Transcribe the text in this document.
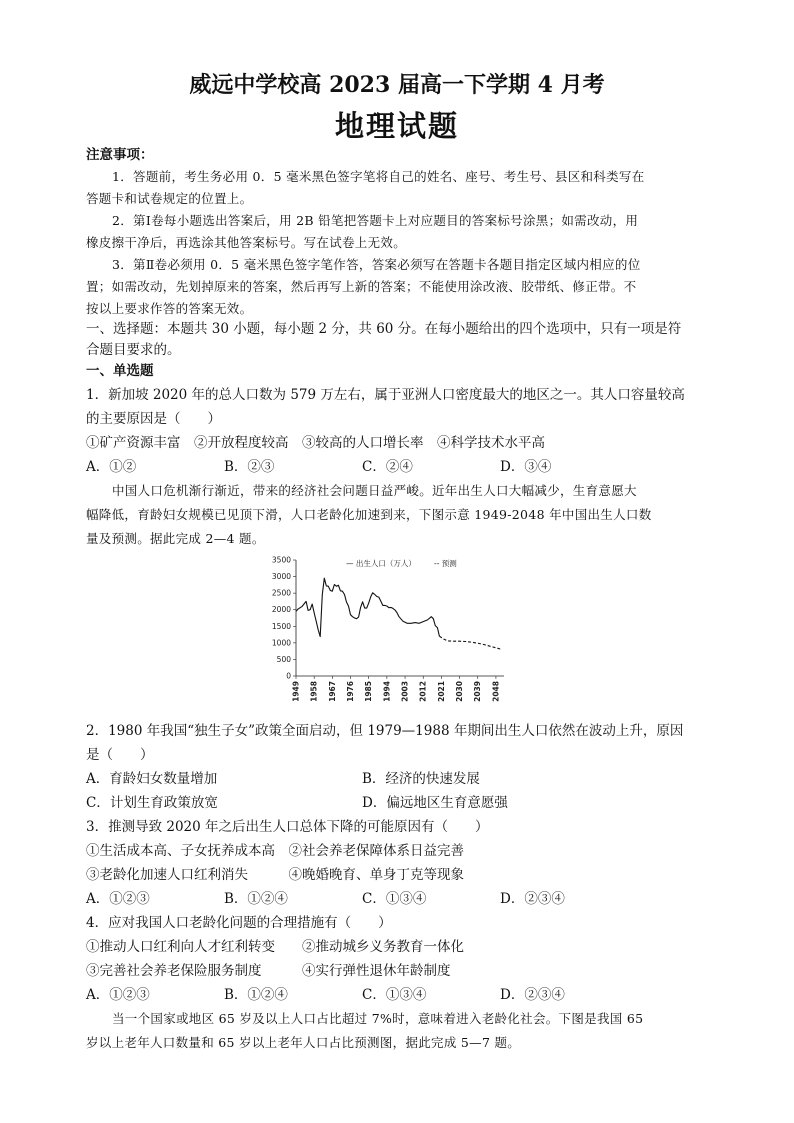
威远中学校高 2023 届高一下学期 4 月考
地理试题
注意事项：
1．答题前，考生务必用 0．5 毫米黑色签字笔将自己的姓名、座号、考生号、县区和科类写在
答题卡和试卷规定的位置上。
2．第Ⅰ卷每小题选出答案后，用 2B 铅笔把答题卡上对应题目的答案标号涂黑；如需改动，用
橡皮擦干净后，再选涂其他答案标号。写在试卷上无效。
3．第Ⅱ卷必须用 0．5 毫米黑色签字笔作答，答案必须写在答题卡各题目指定区域内相应的位
置；如需改动，先划掉原来的答案，然后再写上新的答案；不能使用涂改液、胶带纸、修正带。不
按以上要求作答的答案无效。
一、选择题：本题共 30 小题，每小题 2 分，共 60 分。在每小题给出的四个选项中，只有一项是符
合题目要求的。
一、单选题
1．新加坡 2020 年的总人口数为 579 万左右，属于亚洲人口密度最大的地区之一。其人口容量较高
的主要原因是（　　）
①矿产资源丰富　②开放程度较高　③较高的人口增长率　④科学技术水平高
A．①②	B．②③	C．②④	D．③④
中国人口危机渐行渐近，带来的经济社会问题日益严峻。近年出生人口大幅减少，生育意愿大
幅降低，育龄妇女规模已见顶下滑，人口老龄化加速到来，下图示意 1949-2048 年中国出生人口数
量及预测。据此完成 2—4 题。
0
500
1000
1500
2000
2500
3000
3500
1949 1958 1967 1976 1985 1994 2003 2012 2021 2030 2039 2048
— 出生人口（万人） -- 预测
2．1980 年我国“独生子女”政策全面启动，但 1979—1988 年期间出生人口依然在波动上升，原因
是（　　）
A．育龄妇女数量增加	B．经济的快速发展
C．计划生育政策放宽	D．偏远地区生育意愿强
3．推测导致 2020 年之后出生人口总体下降的可能原因有（　　）
①生活成本高、子女抚养成本高　②社会养老保障体系日益完善
③老龄化加速人口红利消失　　　④晚婚晚育、单身丁克等现象
A．①②③	B．①②④	C．①③④	D．②③④
4．应对我国人口老龄化问题的合理措施有（　　）
①推动人口红利向人才红利转变　　②推动城乡义务教育一体化
③完善社会养老保险服务制度　　　④实行弹性退休年龄制度
A．①②③	B．①②④	C．①③④	D．②③④
当一个国家或地区 65 岁及以上人口占比超过 7%时，意味着进入老龄化社会。下图是我国 65
岁以上老年人口数量和 65 岁以上老年人口占比预测图，据此完成 5—7 题。
